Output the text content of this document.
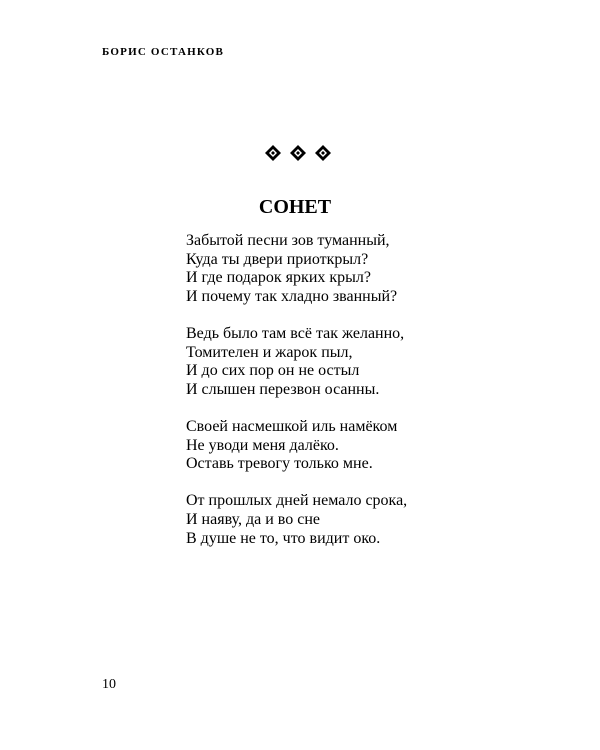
БОРИС ОСТАНКОВ
СОНЕТ
Забытой песни зов туманный,
Куда ты двери приоткрыл?
И где подарок ярких крыл?
И почему так хладно званный?
Ведь было там всё так желанно,
Томителен и жарок пыл,
И до сих пор он не остыл
И слышен перезвон осанны.
Своей насмешкой иль намёком
Не уводи меня далёко.
Оставь тревогу только мне.
От прошлых дней немало срока,
И наяву, да и во сне
В душе не то, что видит око.
10
